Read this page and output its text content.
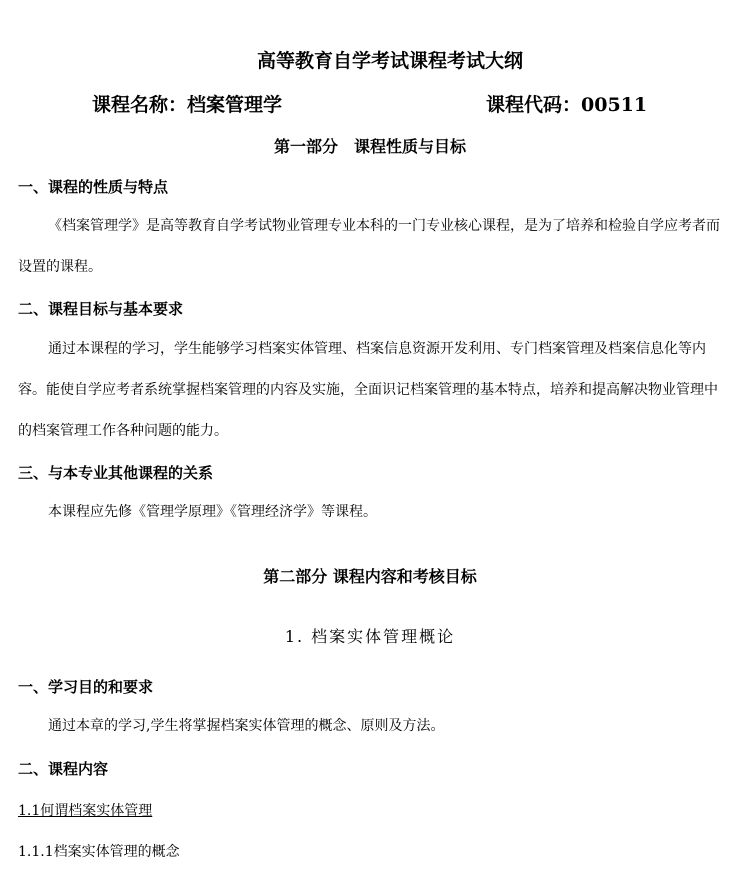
高等教育自学考试课程考试大纲
课程名称：档案管理学	课程代码：00511
第一部分　课程性质与目标
一、课程的性质与特点

《档案管理学》是高等教育自学考试物业管理专业本科的一门专业核心课程，是为了培养和检验自学应考者而设置的课程。

二、课程目标与基本要求

通过本课程的学习，学生能够学习档案实体管理、档案信息资源开发利用、专门档案管理及档案信息化等内容。能使自学应考者系统掌握档案管理的内容及实施，全面识记档案管理的基本特点，培养和提高解决物业管理中的档案管理工作各种问题的能力。

三、与本专业其他课程的关系

本课程应先修《管理学原理》《管理经济学》等课程。

第二部分 课程内容和考核目标
1. 档案实体管理概论
一、学习目的和要求

通过本章的学习,学生将掌握档案实体管理的概念、原则及方法。

二、课程内容
1.1何谓档案实体管理
1.1.1档案实体管理的概念
